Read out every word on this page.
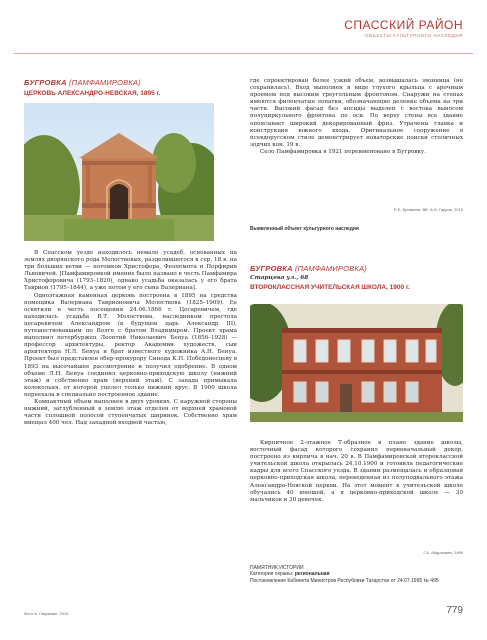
СПАССКИЙ РАЙОН
ОБЪЕКТЫ КУЛЬТУРНОГО НАСЛЕДИЯ
БУГРОВКА (ПАМФАМИРОВКА)
ЦЕРКОВЬ АЛЕКСАНДРО-НЕВСКАЯ, 1895 г.
Фото А. Гаврюнин, 2015

где спроектирован более узкий объем, возвышалась звонница (не сохранилась). Вход выполнен в виде глухого крыльца с арочным проемом под высоким треугольным фронтоном. Снаружи на стенах имеются филенчатые лопатки, обозначающие деление объема на три части. Высокий фасад без апсиды выделен с востока выносом полуциркульного фронтона по оси. По верху стены все здание опоясывает широкий декорированный фриз. Утрачены главка и конструкция южного входа. Оригинальное сооружение в псевдорусском стиле демонстрирует новаторские поиски столичных зодчих кон. 19 в.

Село Памфамировка в 1921 переименовано в Бугровку.

Е.Е. Бровкина, ВВ. А.И. Гарров, 2015
Выявленный объект культурного наследия

В Спасском уезде находилось немало усадеб, основанных на землях дворянского рода Молоствовых, разделившегося в сер. 18 в. на три больших ветви — потомков Христофора, Феопемпта и Порфирия Львовичей. [Памфамировкой имение было названо в честь Памфамира Христофоровича (1793–1820), однако усадьба оказалась у его брата Таврион (1795–1844), а уже потом у его сына Валериана].

Одноэтажная каменная церковь построена в 1895 на средства помещика Валериана Таврионовича Молоствова (1825–1909). Ее освятили в честь посещения 24.06.1866 г. Цесаревичем, где находилась усадьба В.Т. Молоствова, наследником престола цесаревичем Александром (в будущем царь Александр III), путешествовавшим по Волге с братом Владимиром. Проект храма выполнил петербуржец Леонтий Николаевич Бенуа (1856–1928) — профессор архитектуры, ректор Академии художеств, сын архитектора Н.Л. Бенуа и брат известного художника А.Н. Бенуа. Проект был представлен обер-прокурору Синода К.П. Победоносцеву в 1893 на высочайшее рассмотрение и получил одобрение. В одном объеме Л.Н. Бенуа соединил церковно-приходскую школу (нижний этаж) и собственно храм (верхний этаж). С запада примыкала колокольня, от которой уцелел только нижний ярус. В 1900 школа переехала в специально построенное здание.

Компактный объем выполнен в двух уровнях. С наружной стороны нижний, заглубленный в землю этаж отделен от верхней храмовой части сплошной полосой ступенчатых ширинок. Собственно храм вмещал 400 чел. Над западной входной частью,

БУГРОВКА (ПАМФАМИРОВКА)
Старцева ул., 68
ВТОРОКЛАССНАЯ УЧИТЕЛЬСКАЯ ШКОЛА, 1900 г.

Кирпичное 2-этажное Т-образное в плане здание школы, восточный фасад которого сохранил первоначальный декор, построено из кирпича в нач. 20 в. В Памфамировской второклассной учительской школа открылась 24.10.1900 и готовила педагогические кадры для всего Спасского уезда. В здании размещалась и образцовая церковно-приходская школа, переведенная из полуподвального этажа Александро-Невской церкви. На этот момент в учительской школе обучались 40 юношей, а в церковно-приходской школе — 30 мальчиков и 30 девочек.

Г.А. Абдрахман, 1999
ПАМЯТНИК ИСТОРИИ
Категория охраны: региональная
Постановление Кабинета Министров Республики Татарстан от 24.07.1995 № 495
779
